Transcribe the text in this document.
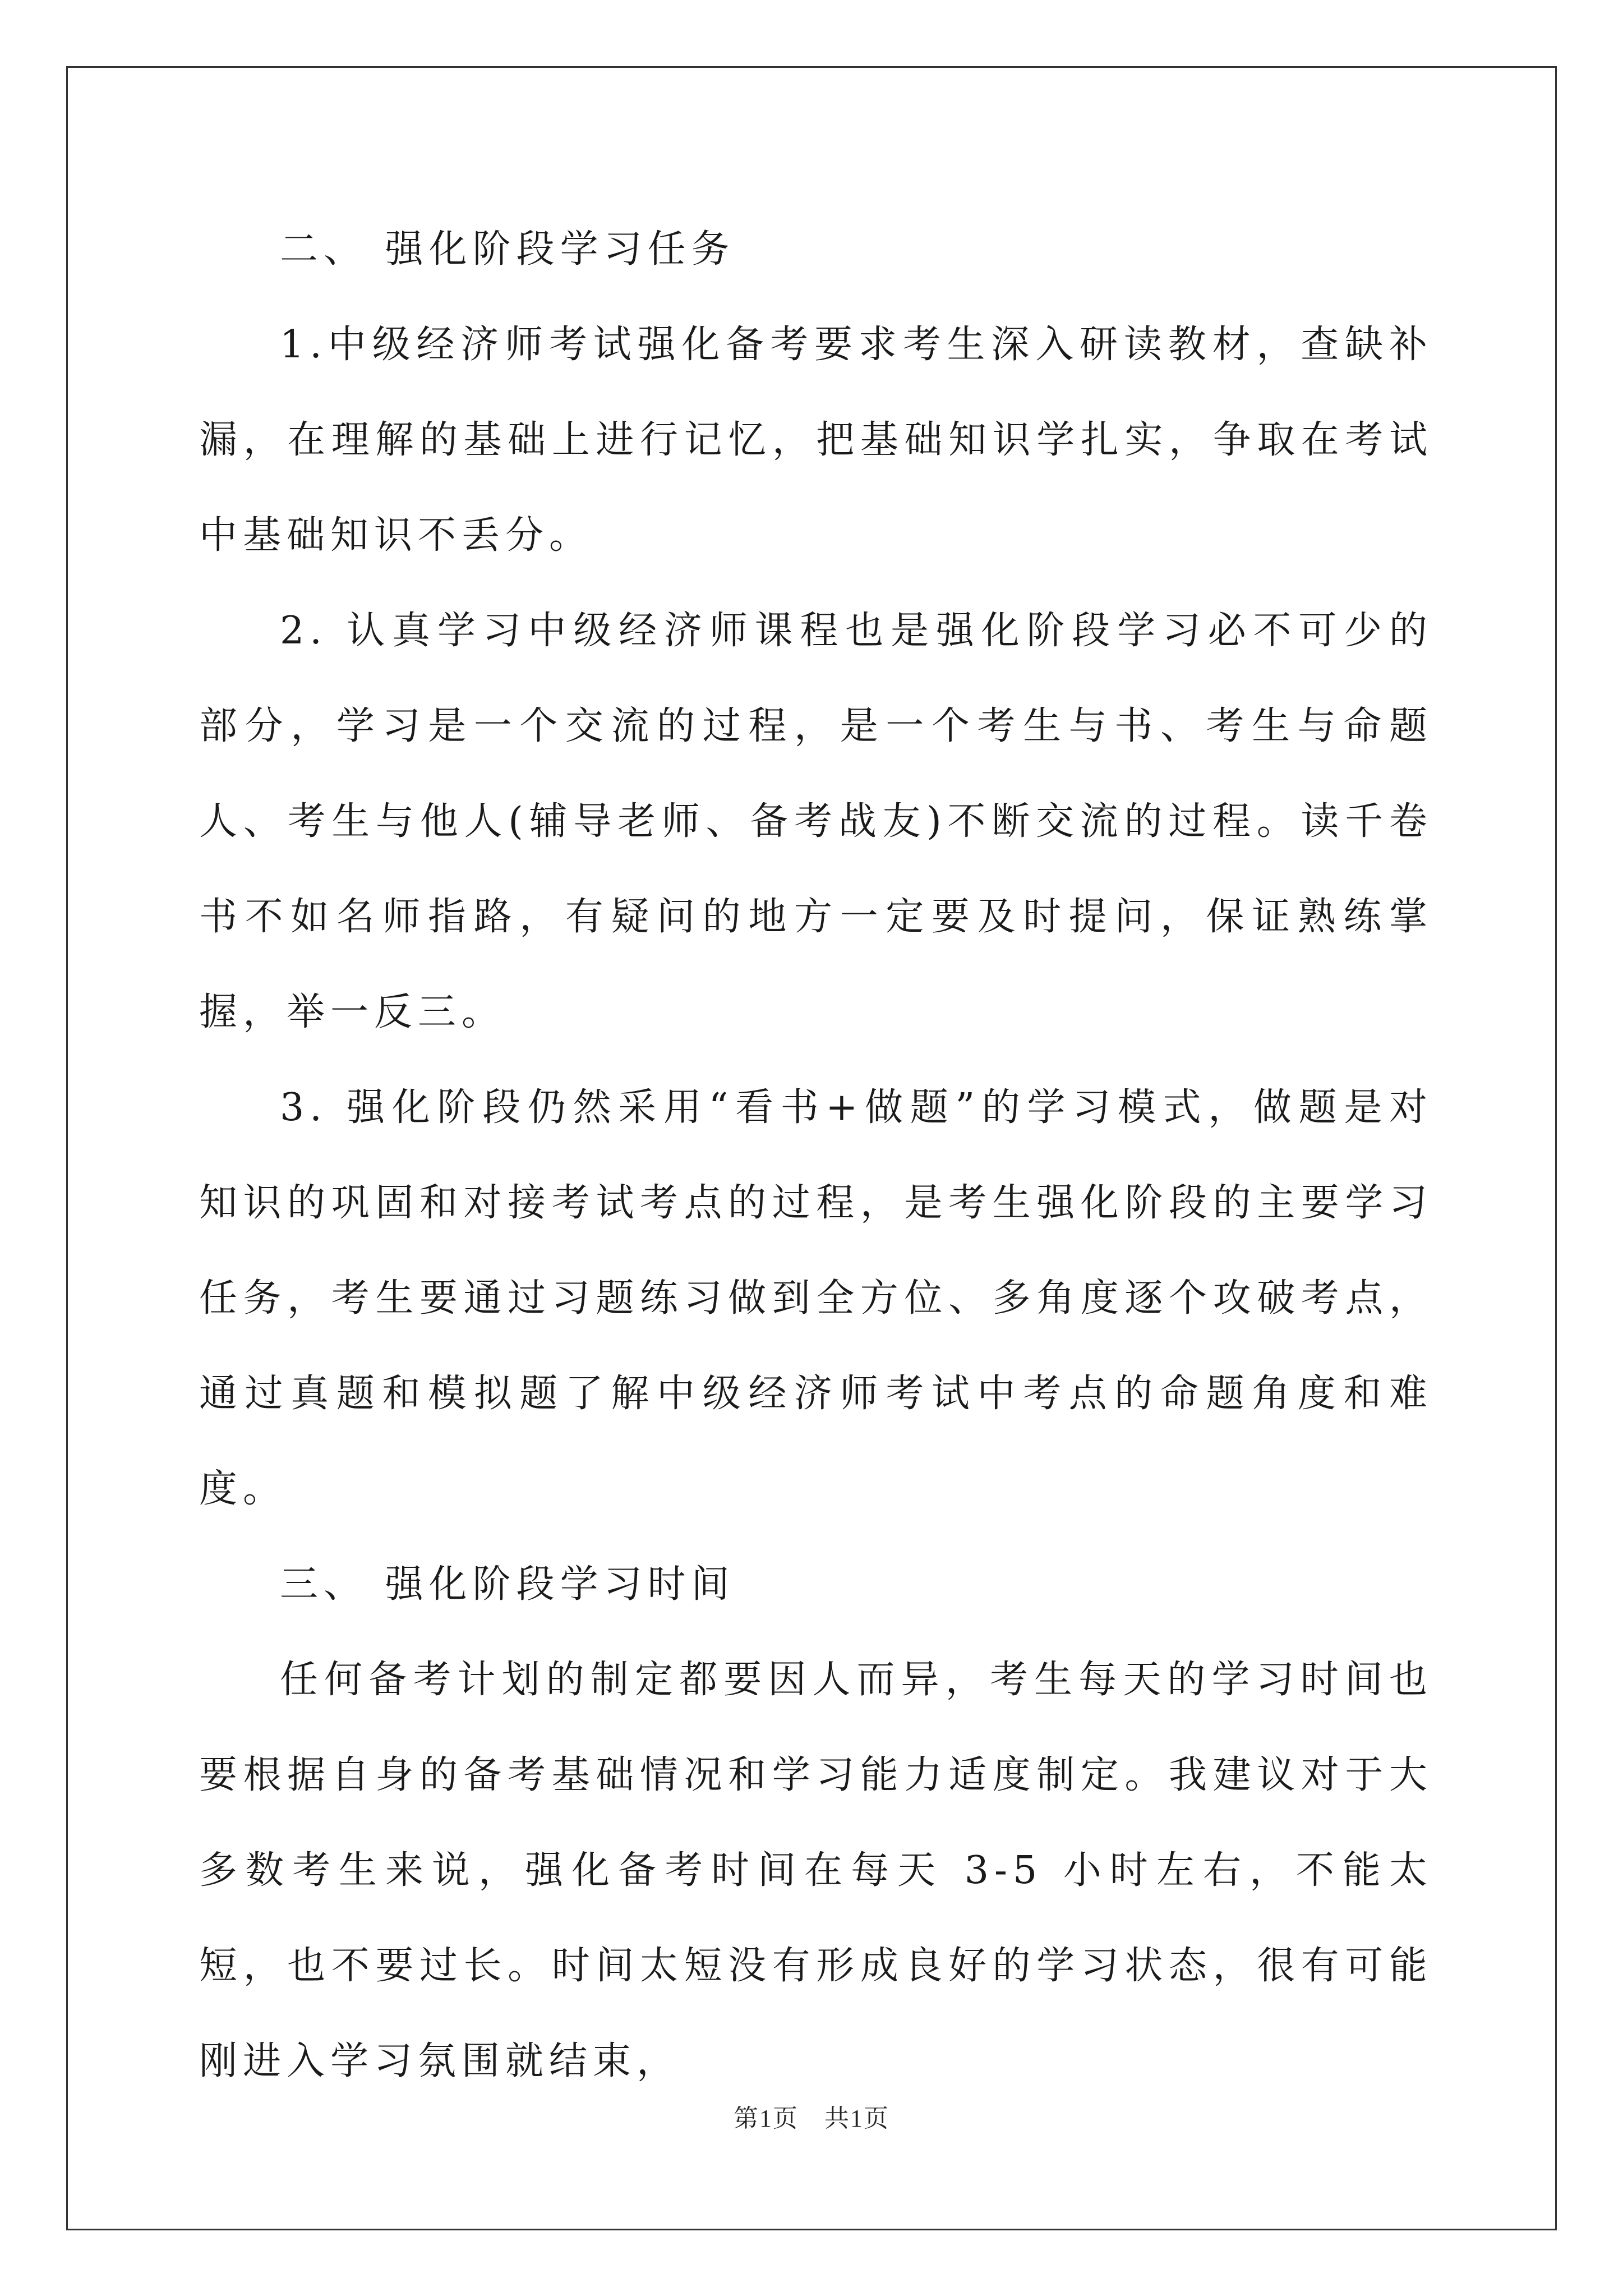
二、 强化阶段学习任务

1.中级经济师考试强化备考要求考生深入研读教材，查缺补漏，在理解的基础上进行记忆，把基础知识学扎实，争取在考试中基础知识不丢分。

2. 认真学习中级经济师课程也是强化阶段学习必不可少的部分，学习是一个交流的过程，是一个考生与书、考生与命题人、考生与他人(辅导老师、备考战友)不断交流的过程。读千卷书不如名师指路，有疑问的地方一定要及时提问，保证熟练掌握，举一反三。

3. 强化阶段仍然采用“看书+做题”的学习模式，做题是对知识的巩固和对接考试考点的过程，是考生强化阶段的主要学习任务，考生要通过习题练习做到全方位、多角度逐个攻破考点，通过真题和模拟题了解中级经济师考试中考点的命题角度和难度。

三、 强化阶段学习时间

任何备考计划的制定都要因人而异，考生每天的学习时间也要根据自身的备考基础情况和学习能力适度制定。我建议对于大多数考生来说，强化备考时间在每天 3-5 小时左右，不能太短，也不要过长。时间太短没有形成良好的学习状态，很有可能刚进入学习氛围就结束，

第1页　共1页
